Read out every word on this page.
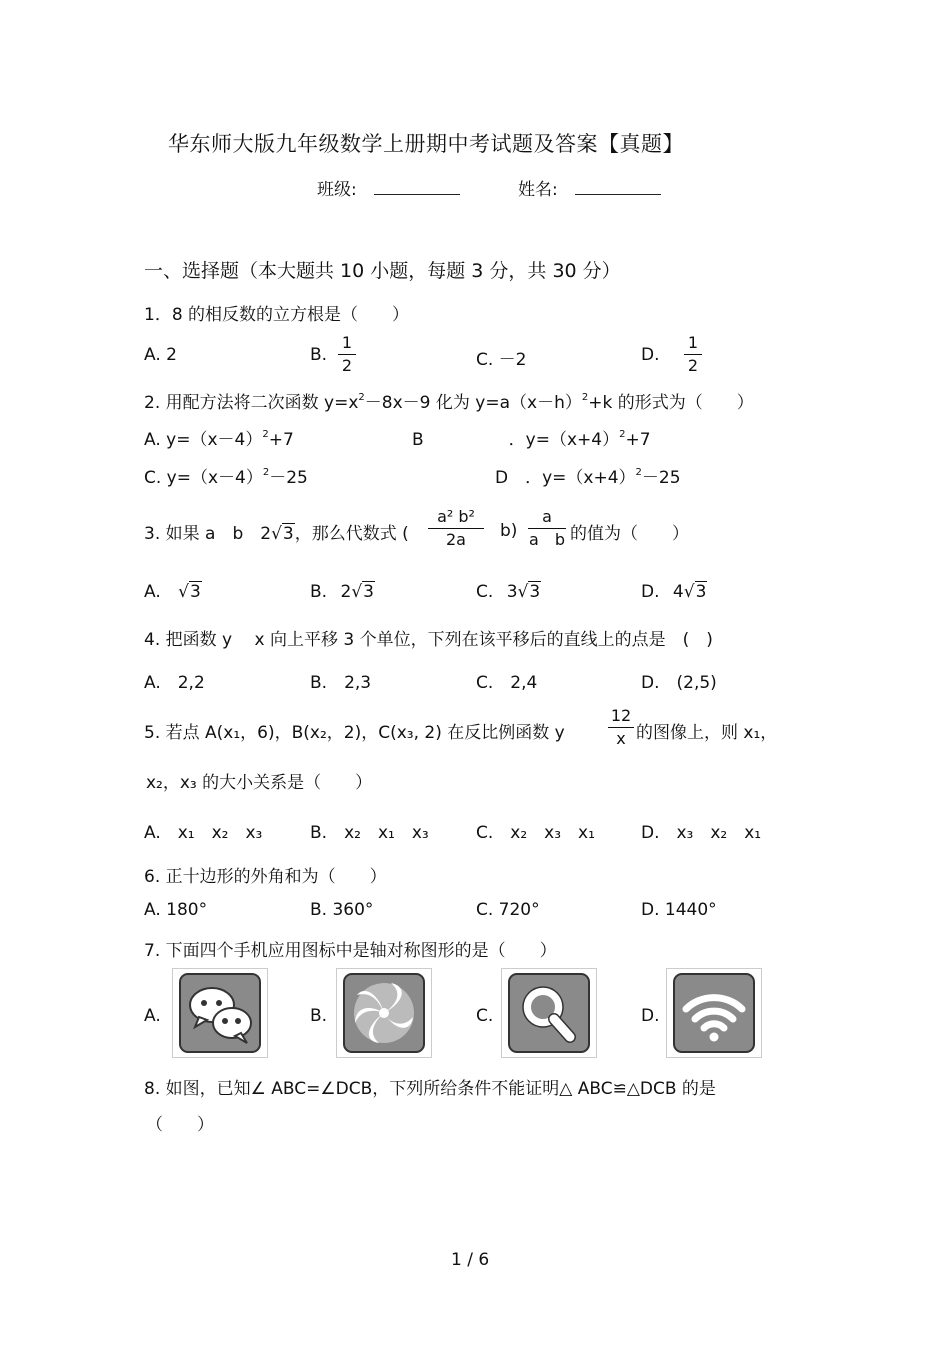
华东师大版九年级数学上册期中考试题及答案【真题】
班级:	姓名:
一、选择题（本大题共 10 小题，每题 3 分，共 30 分）
1．8 的相反数的立方根是（　　）
A. 2	B.
1
2	C. －2	D.
1
2
2. 用配方法将二次函数 $y=x^2-8x-9$ 化为 $y=a(x-h)^2+k$ 的形式为（　　）
A. $y=(x-4)^2+7$	B　　　　　．$y=(x+4)^2+7$
C. $y=(x-4)^2-25$	D　．$y=(x+4)^2-25$
3. 如果 a　b　2√3，那么代数式 (
a² b²
2a	b)
a
a　b 的值为（　　）
A. √3	B. 2√3	C. 3√3	D. 4√3
4. 把函数 y　 x 向上平移 3 个单位，下列在该平移后的直线上的点是　(　)
A.　2,2	B.　2,3	C.　2,4	D.　(2,5)
5. 若点 A(x₁，6)，B(x₂，2)，C(x₃, 2) 在反比例函数 y
12
x 的图像上，则 x₁，
x₂，x₃ 的大小关系是（　　）
A.　x₁　x₂　x₃	B.　x₂　x₁　x₃	C.　x₂　x₃　x₁	D.　x₃　x₂　x₁
6. 正十边形的外角和为（　　）
A. 180°	B. 360°	C. 720°	D. 1440°
7. 下面四个手机应用图标中是轴对称图形的是（　　）
A.	B.	C.	D.
8. 如图，已知∠ ABC=∠DCB，下列所给条件不能证明△ ABC≌△DCB 的是
（　　）
1 / 6
